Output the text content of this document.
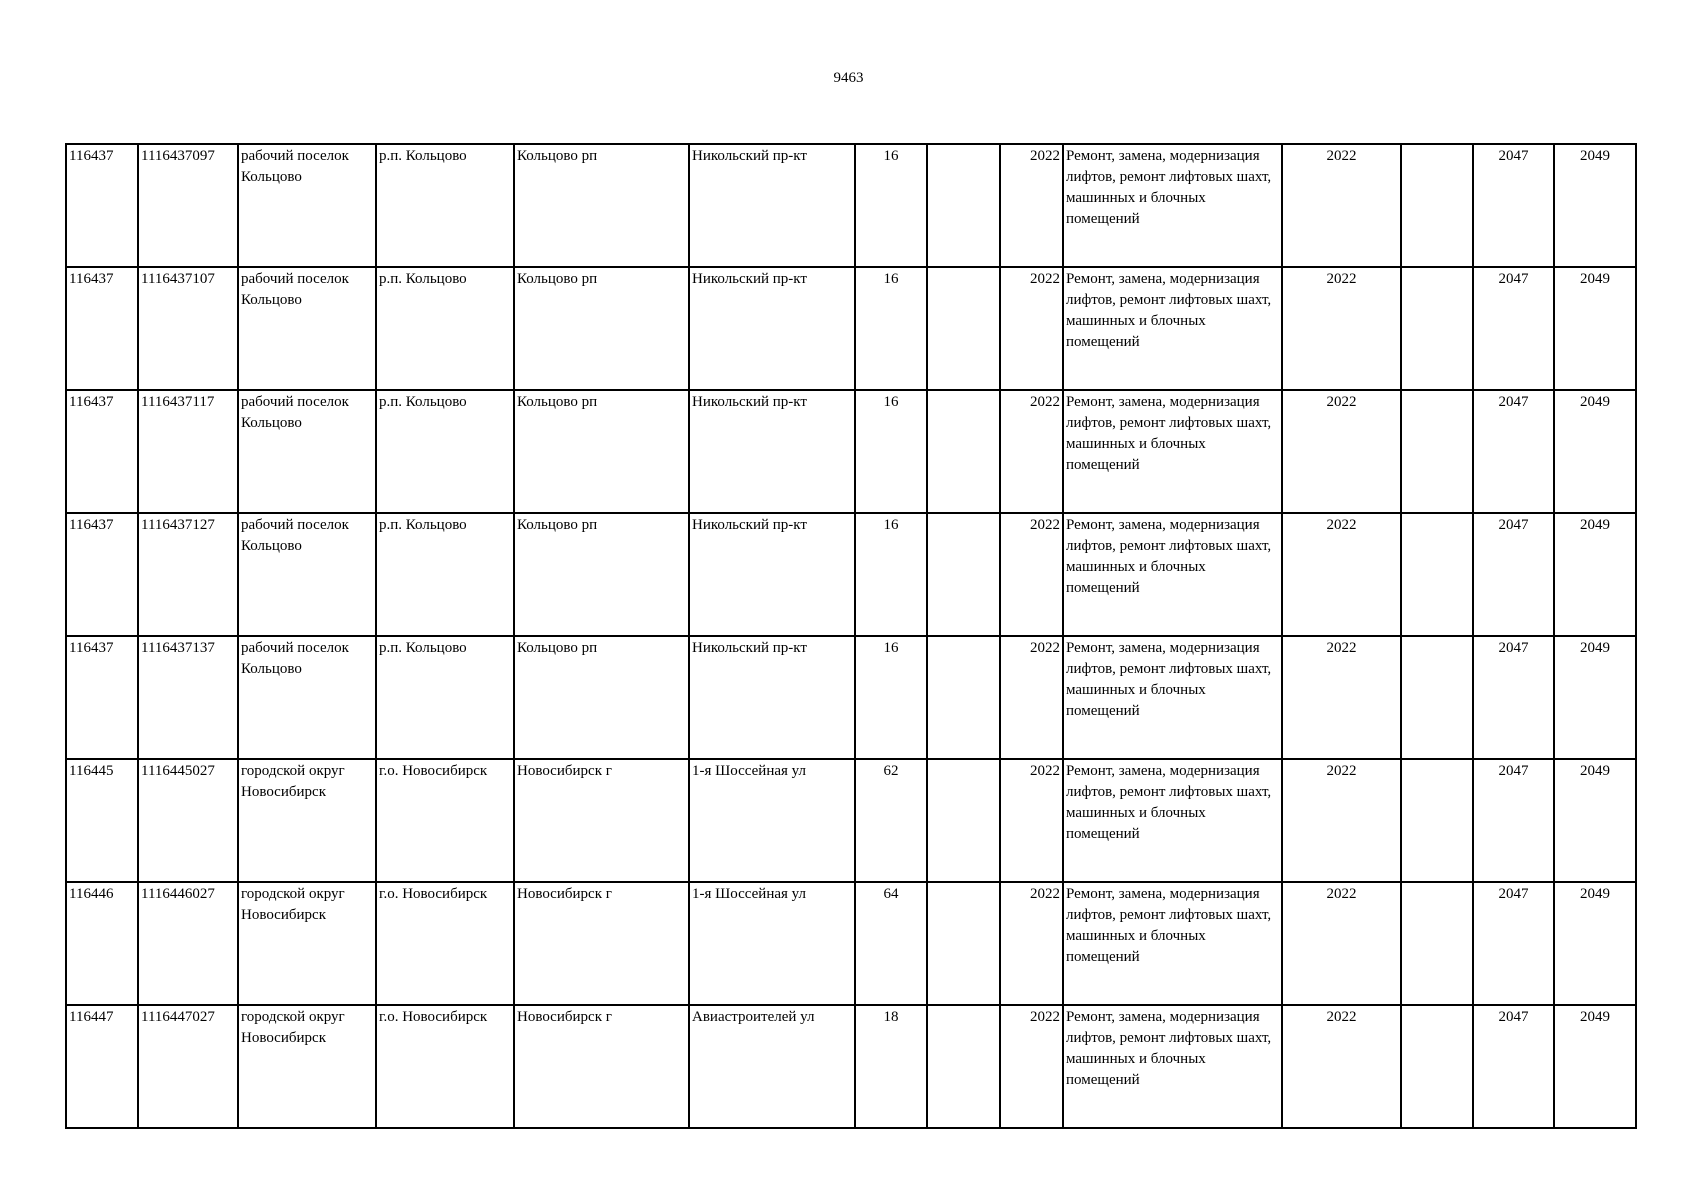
9463
116437	1116437097	рабочий поселок Кольцово	р.п. Кольцово	Кольцово рп	Никольский пр-кт	16		2022	Ремонт, замена, модернизация лифтов, ремонт лифтовых шахт, машинных и блочных помещений	2022		2047	2049
116437	1116437107	рабочий поселок Кольцово	р.п. Кольцово	Кольцово рп	Никольский пр-кт	16		2022	Ремонт, замена, модернизация лифтов, ремонт лифтовых шахт, машинных и блочных помещений	2022		2047	2049
116437	1116437117	рабочий поселок Кольцово	р.п. Кольцово	Кольцово рп	Никольский пр-кт	16		2022	Ремонт, замена, модернизация лифтов, ремонт лифтовых шахт, машинных и блочных помещений	2022		2047	2049
116437	1116437127	рабочий поселок Кольцово	р.п. Кольцово	Кольцово рп	Никольский пр-кт	16		2022	Ремонт, замена, модернизация лифтов, ремонт лифтовых шахт, машинных и блочных помещений	2022		2047	2049
116437	1116437137	рабочий поселок Кольцово	р.п. Кольцово	Кольцово рп	Никольский пр-кт	16		2022	Ремонт, замена, модернизация лифтов, ремонт лифтовых шахт, машинных и блочных помещений	2022		2047	2049
116445	1116445027	городской округ Новосибирск	г.о. Новосибирск	Новосибирск г	1-я Шоссейная ул	62		2022	Ремонт, замена, модернизация лифтов, ремонт лифтовых шахт, машинных и блочных помещений	2022		2047	2049
116446	1116446027	городской округ Новосибирск	г.о. Новосибирск	Новосибирск г	1-я Шоссейная ул	64		2022	Ремонт, замена, модернизация лифтов, ремонт лифтовых шахт, машинных и блочных помещений	2022		2047	2049
116447	1116447027	городской округ Новосибирск	г.о. Новосибирск	Новосибирск г	Авиастроителей ул	18		2022	Ремонт, замена, модернизация лифтов, ремонт лифтовых шахт, машинных и блочных помещений	2022		2047	2049
